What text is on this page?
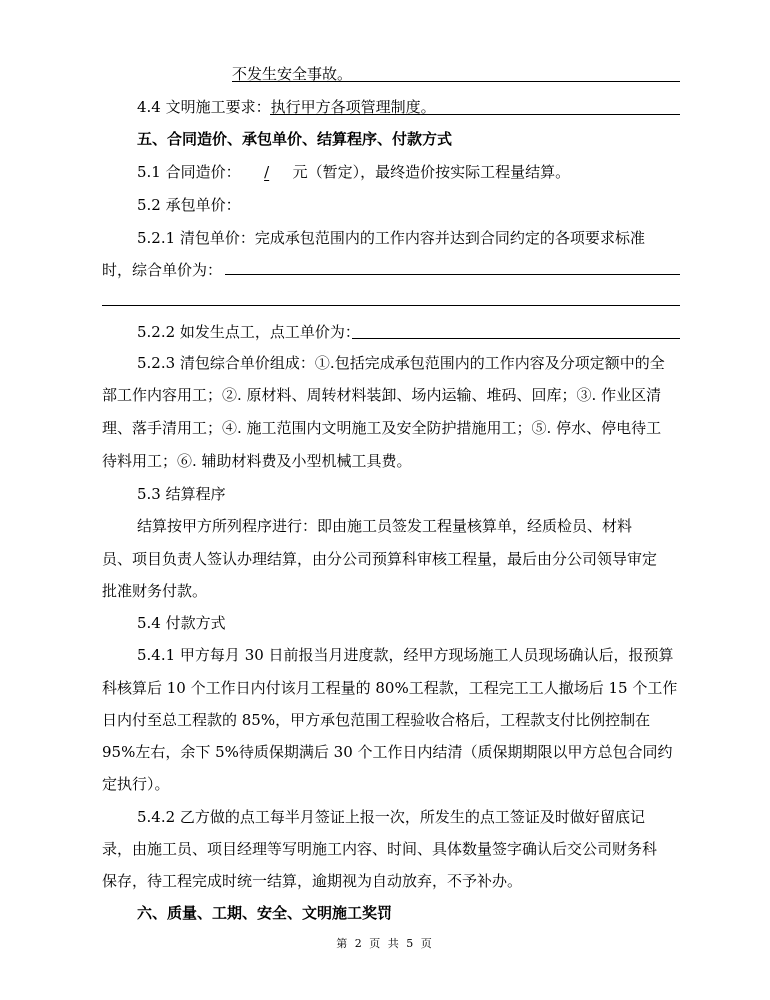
不发生安全事故。
4.4 文明施工要求：执行甲方各项管理制度。
五、合同造价、承包单价、结算程序、付款方式
5.1 合同造价： / 元（暂定），最终造价按实际工程量结算。
5.2 承包单价：
5.2.1 清包单价：完成承包范围内的工作内容并达到合同约定的各项要求标准
时，综合单价为：
5.2.2 如发生点工，点工单价为：
5.2.3 清包综合单价组成：①.包括完成承包范围内的工作内容及分项定额中的全
部工作内容用工；②. 原材料、周转材料装卸、场内运输、堆码、回库；③. 作业区清
理、落手清用工；④. 施工范围内文明施工及安全防护措施用工；⑤. 停水、停电待工
待料用工；⑥. 辅助材料费及小型机械工具费。
5.3 结算程序
结算按甲方所列程序进行：即由施工员签发工程量核算单，经质检员、材料
员、项目负责人签认办理结算，由分公司预算科审核工程量，最后由分公司领导审定
批准财务付款。
5.4 付款方式
5.4.1 甲方每月 30 日前报当月进度款，经甲方现场施工人员现场确认后，报预算
科核算后 10 个工作日内付该月工程量的 80%工程款，工程完工工人撤场后 15 个工作
日内付至总工程款的 85%，甲方承包范围工程验收合格后，工程款支付比例控制在
95%左右，余下 5%待质保期满后 30 个工作日内结清（质保期期限以甲方总包合同约
定执行）。
5.4.2 乙方做的点工每半月签证上报一次，所发生的点工签证及时做好留底记
录，由施工员、项目经理等写明施工内容、时间、具体数量签字确认后交公司财务科
保存，待工程完成时统一结算，逾期视为自动放弃，不予补办。
六、质量、工期、安全、文明施工奖罚
第 2 页 共 5 页
